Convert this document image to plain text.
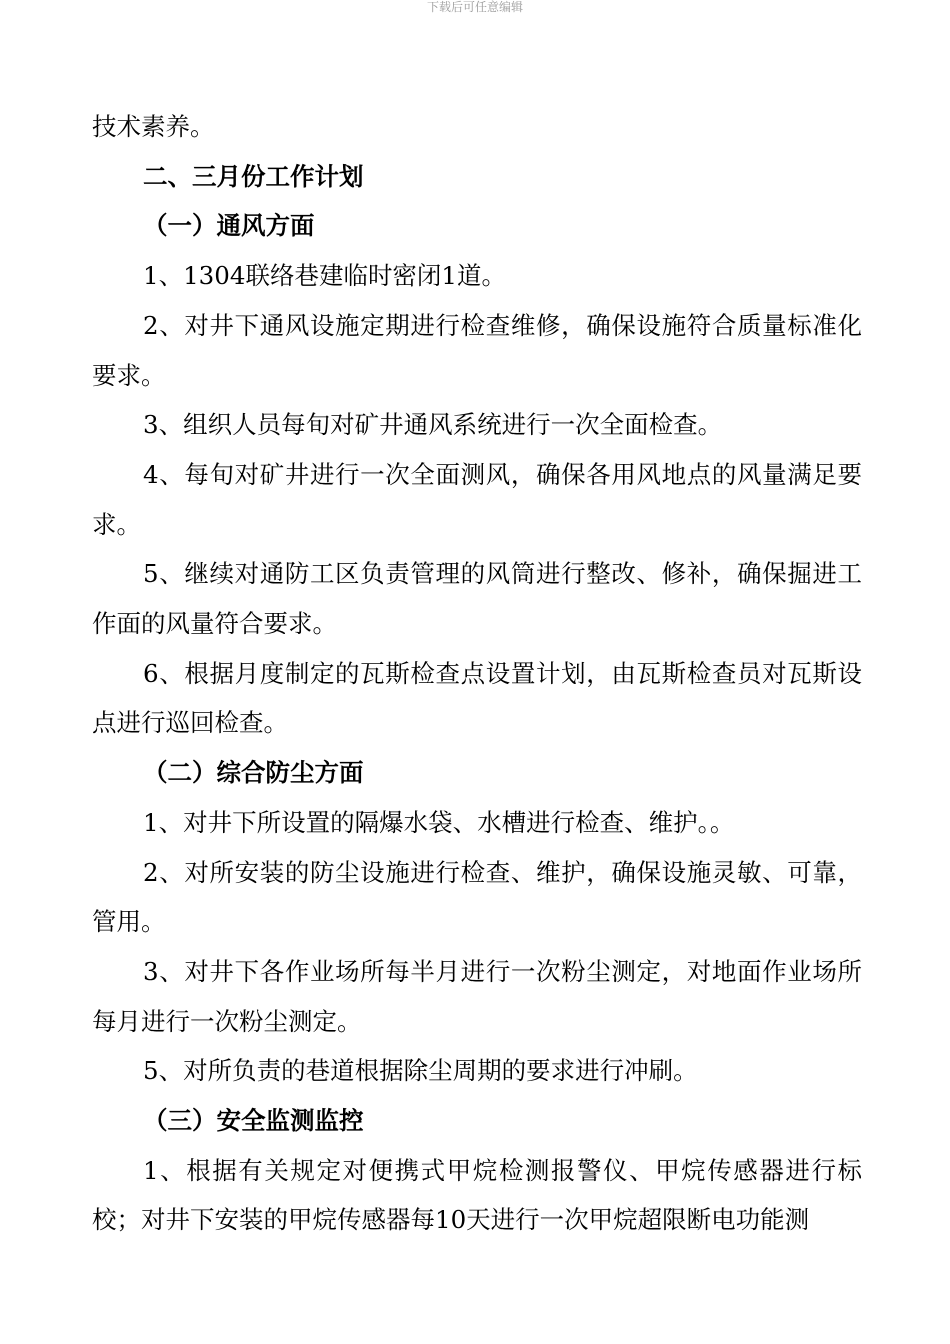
下载后可任意编辑

技术素养。

二、三月份工作计划

（一）通风方面

1、1304联络巷建临时密闭1道。

2、对井下通风设施定期进行检查维修，确保设施符合质量标准化要求。

3、组织人员每旬对矿井通风系统进行一次全面检查。

4、每旬对矿井进行一次全面测风，确保各用风地点的风量满足要求。

5、继续对通防工区负责管理的风筒进行整改、修补，确保掘进工作面的风量符合要求。

6、根据月度制定的瓦斯检查点设置计划，由瓦斯检查员对瓦斯设点进行巡回检查。

（二）综合防尘方面

1、对井下所设置的隔爆水袋、水槽进行检查、维护。。

2、对所安装的防尘设施进行检查、维护，确保设施灵敏、可靠，管用。

3、对井下各作业场所每半月进行一次粉尘测定，对地面作业场所每月进行一次粉尘测定。

5、对所负责的巷道根据除尘周期的要求进行冲刷。

（三）安全监测监控

1、根据有关规定对便携式甲烷检测报警仪、甲烷传感器进行标校；对井下安装的甲烷传感器每10天进行一次甲烷超限断电功能测
